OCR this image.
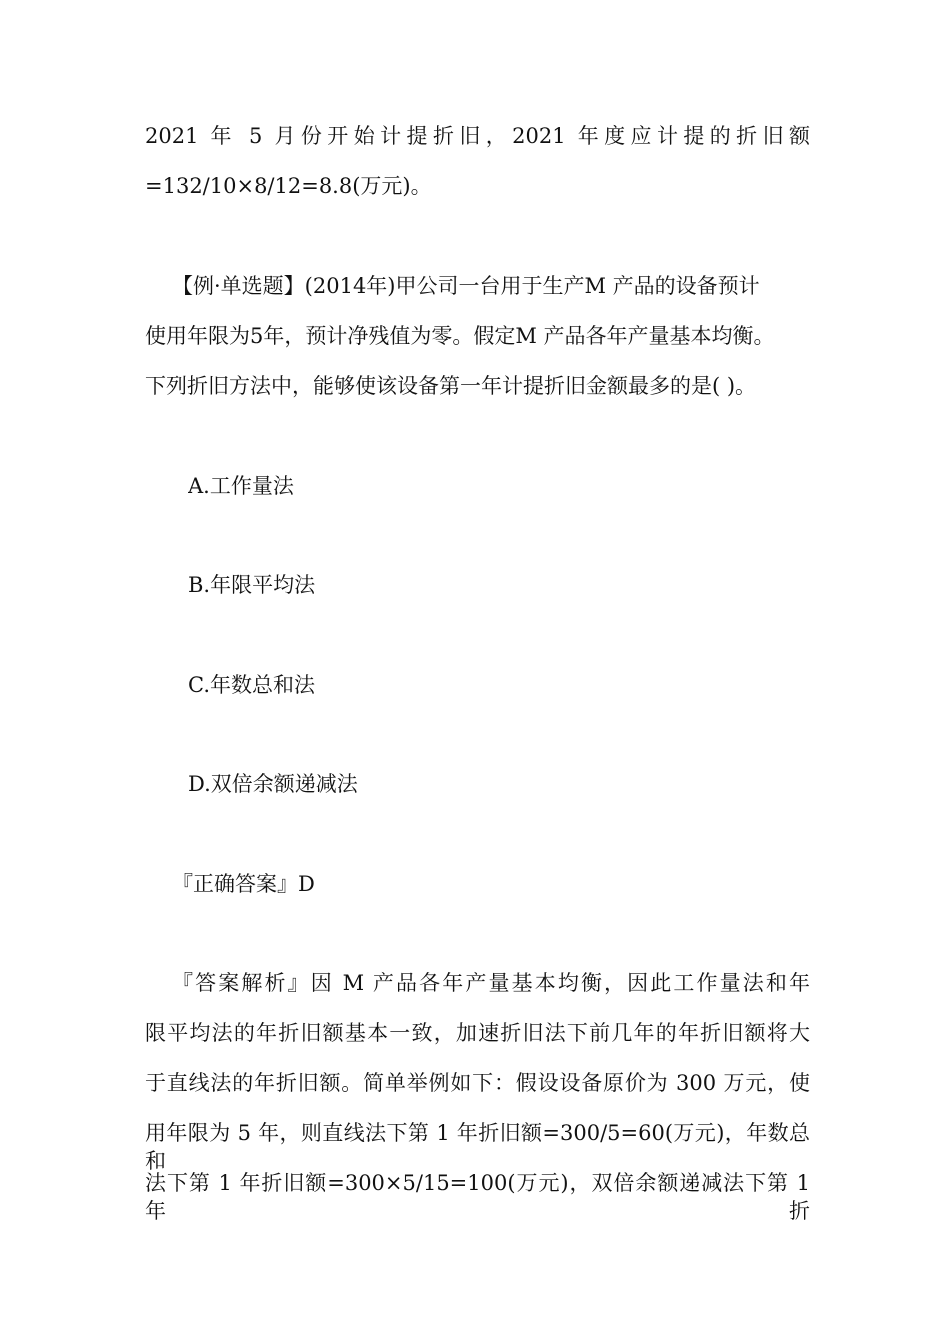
2021 年 5 月份开始计提折旧，2021 年度应计提的折旧额
=132/10×8/12=8.8(万元)。
【例·单选题】(2014年)甲公司一台用于生产M 产品的设备预计
使用年限为5年，预计净残值为零。假定M 产品各年产量基本均衡。
下列折旧方法中，能够使该设备第一年计提折旧金额最多的是( )。
A.工作量法
B.年限平均法
C.年数总和法
D.双倍余额递减法
『正确答案』D
『答案解析』因 M 产品各年产量基本均衡，因此工作量法和年
限平均法的年折旧额基本一致，加速折旧法下前几年的年折旧额将大
于直线法的年折旧额。简单举例如下：假设设备原价为 300 万元，使
用年限为 5 年，则直线法下第 1 年折旧额=300/5=60(万元)，年数总和
法下第 1 年折旧额=300×5/15=100(万元)，双倍余额递减法下第 1 年折
